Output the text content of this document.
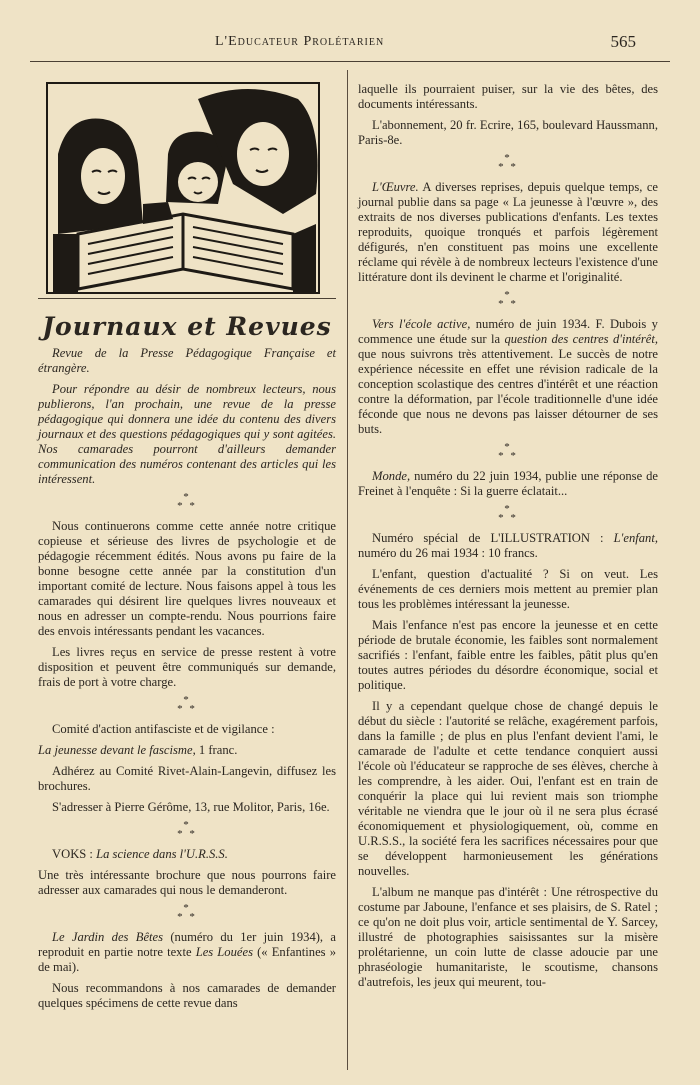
L'Educateur Prolétarien	565
Journaux et Revues

Revue de la Presse Pédagogique Française et étrangère.

Pour répondre au désir de nombreux lecteurs, nous publierons, l'an prochain, une revue de la presse pédagogique qui donnera une idée du contenu des divers journaux et des questions pédagogiques qui y sont agitées. Nos camarades pourront d'ailleurs demander communication des numéros contenant des articles qui les intéressent.

*
* *

Nous continuerons comme cette année notre critique copieuse et sérieuse des livres de psychologie et de pédagogie récemment édités. Nous avons pu faire de la bonne besogne cette année par la constitution d'un important comité de lecture. Nous faisons appel à tous les camarades qui désirent lire quelques livres nouveaux et nous en adresser un compte-rendu. Nous pourrions faire des envois intéressants pendant les vacances.

Les livres reçus en service de presse restent à votre disposition et peuvent être communiqués sur demande, frais de port à votre charge.

*
* *

Comité d'action antifasciste et de vigilance :

La jeunesse devant le fascisme, 1 franc.

Adhérez au Comité Rivet-Alain-Langevin, diffusez les brochures.

S'adresser à Pierre Gérôme, 13, rue Molitor, Paris, 16e.

*
* *

VOKS : La science dans l'U.R.S.S.

Une très intéressante brochure que nous pourrons faire adresser aux camarades qui nous le demanderont.

*
* *

Le Jardin des Bêtes (numéro du 1er juin 1934), a reproduit en partie notre texte Les Louées (« Enfantines » de mai).

Nous recommandons à nos camarades de demander quelques spécimens de cette revue dans

laquelle ils pourraient puiser, sur la vie des bêtes, des documents intéressants.

L'abonnement, 20 fr. Ecrire, 165, boulevard Haussmann, Paris-8e.

*
* *

L'Œuvre. A diverses reprises, depuis quelque temps, ce journal publie dans sa page « La jeunesse à l'œuvre », des extraits de nos diverses publications d'enfants. Les textes reproduits, quoique tronqués et parfois légèrement défigurés, n'en constituent pas moins une excellente réclame qui révèle à de nombreux lecteurs l'existence d'une littérature dont ils devinent le charme et l'originalité.

*
* *

Vers l'école active, numéro de juin 1934. F. Dubois y commence une étude sur la question des centres d'intérêt, que nous suivrons très attentivement. Le succès de notre expérience nécessite en effet une révision radicale de la conception scolastique des centres d'intérêt et une réaction contre la déformation, par l'école traditionnelle d'une idée féconde que nous ne devons pas laisser détourner de ses buts.

*
* *

Monde, numéro du 22 juin 1934, publie une réponse de Freinet à l'enquête : Si la guerre éclatait...

*
* *

Numéro spécial de L'ILLUSTRATION : L'enfant, numéro du 26 mai 1934 : 10 francs.

L'enfant, question d'actualité ? Si on veut. Les événements de ces derniers mois mettent au premier plan tous les problèmes intéressant la jeunesse.

Mais l'enfance n'est pas encore la jeunesse et en cette période de brutale économie, les faibles sont normalement sacrifiés : l'enfant, faible entre les faibles, pâtit plus qu'en toutes autres périodes du désordre économique, social et politique.

Il y a cependant quelque chose de changé depuis le début du siècle : l'autorité se relâche, exagérement parfois, dans la famille ; de plus en plus l'enfant devient l'ami, le camarade de l'adulte et cette tendance conquiert aussi l'école où l'éducateur se rapproche de ses élèves, cherche à les comprendre, à les aider. Oui, l'enfant est en train de conquérir la place qui lui revient mais son triomphe véritable ne viendra que le jour où il ne sera plus écrasé économiquement et physiologiquement, où, comme en U.R.S.S., la société fera les sacrifices nécessaires pour que se développent harmonieusement les générations nouvelles.

L'album ne manque pas d'intérêt : Une rétrospective du costume par Jaboune, l'enfance et ses plaisirs, de S. Ratel ; ce qu'on ne doit plus voir, article sentimental de Y. Sarcey, illustré de photographies saisissantes sur la misère prolétarienne, un coin lutte de classe adoucie par une phraséologie humanitariste, le scoutisme, chansons d'autrefois, les jeux qui meurent, tou-
